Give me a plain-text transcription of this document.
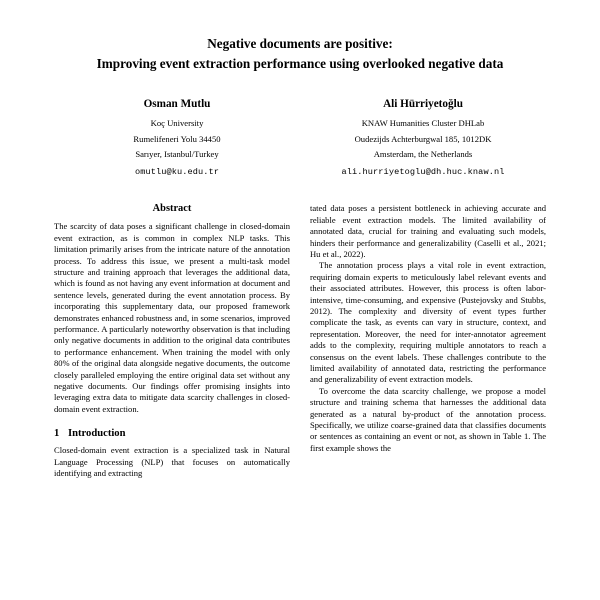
Negative documents are positive:
Improving event extraction performance using overlooked negative data
Osman Mutlu
Koç University
Rumelifeneri Yolu 34450
Sarıyer, Istanbul/Turkey
omutlu@ku.edu.tr
Ali Hürriyetoğlu
KNAW Humanities Cluster DHLab
Oudezijds Achterburgwal 185, 1012DK
Amsterdam, the Netherlands
ali.hurriyetoglu@dh.huc.knaw.nl
Abstract

The scarcity of data poses a significant challenge in closed-domain event extraction, as is common in complex NLP tasks. This limitation primarily arises from the intricate nature of the annotation process. To address this issue, we present a multi-task model structure and training approach that leverages the additional data, which is found as not having any event information at document and sentence levels, generated during the event annotation process. By incorporating this supplementary data, our proposed framework demonstrates enhanced robustness and, in some scenarios, improved performance. A particularly noteworthy observation is that including only negative documents in addition to the original data contributes to performance enhancement. When training the model with only 80% of the original data alongside negative documents, the outcome closely paralleled employing the entire original data set without any negative documents. Our findings offer promising insights into leveraging extra data to mitigate data scarcity challenges in closed-domain event extraction.

1 Introduction

Closed-domain event extraction is a specialized task in Natural Language Processing (NLP) that focuses on automatically identifying and extracting

tated data poses a persistent bottleneck in achieving accurate and reliable event extraction models. The limited availability of annotated data, crucial for training and evaluating such models, hinders their performance and generalizability (Caselli et al., 2021; Hu et al., 2022).

The annotation process plays a vital role in event extraction, requiring domain experts to meticulously label relevant events and their associated attributes. However, this process is often labor-intensive, time-consuming, and expensive (Pustejovsky and Stubbs, 2012). The complexity and diversity of event types further complicate the task, as events can vary in structure, context, and representation. Moreover, the need for inter-annotator agreement adds to the complexity, requiring multiple annotators to reach a consensus on the event labels. These challenges contribute to the limited availability of annotated data, restricting the performance and generalizability of event extraction models.

To overcome the data scarcity challenge, we propose a model structure and training schema that harnesses the additional data generated as a natural by-product of the annotation process. Specifically, we utilize coarse-grained data that classifies documents or sentences as containing an event or not, as shown in Table 1. The first example shows the
